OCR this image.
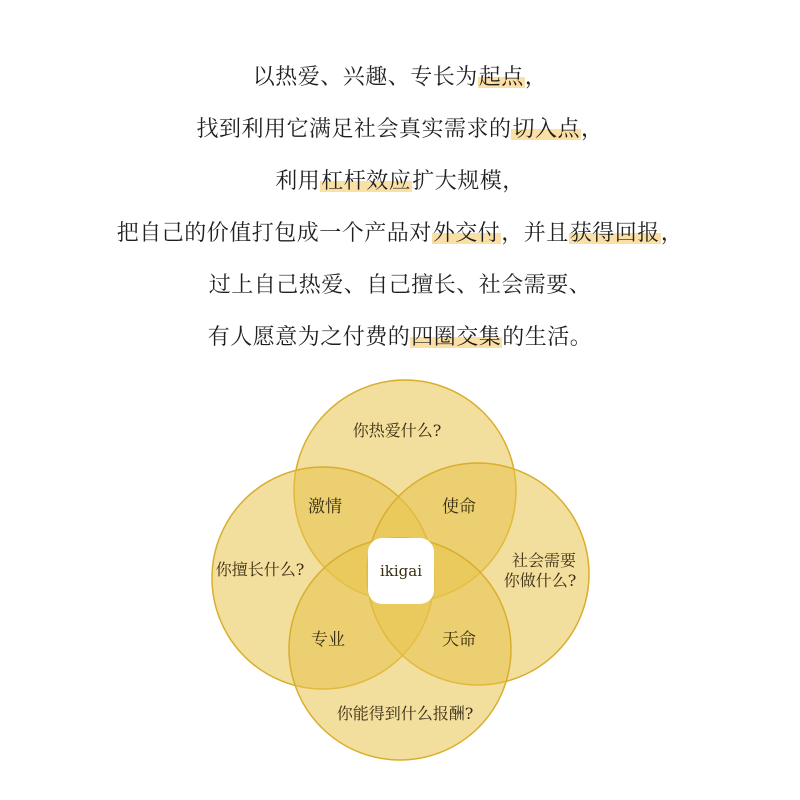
以热爱、兴趣、专长为起点，
找到利用它满足社会真实需求的切入点，
利用杠杆效应扩大规模，
把自己的价值打包成一个产品对外交付，并且获得回报，
过上自己热爱、自己擅长、社会需要、
有人愿意为之付费的四圈交集的生活。
你热爱什么?
你擅长什么?	社会需要
你做什么?
你能得到什么报酬?
激情	使命
专业	天命
ikigai
